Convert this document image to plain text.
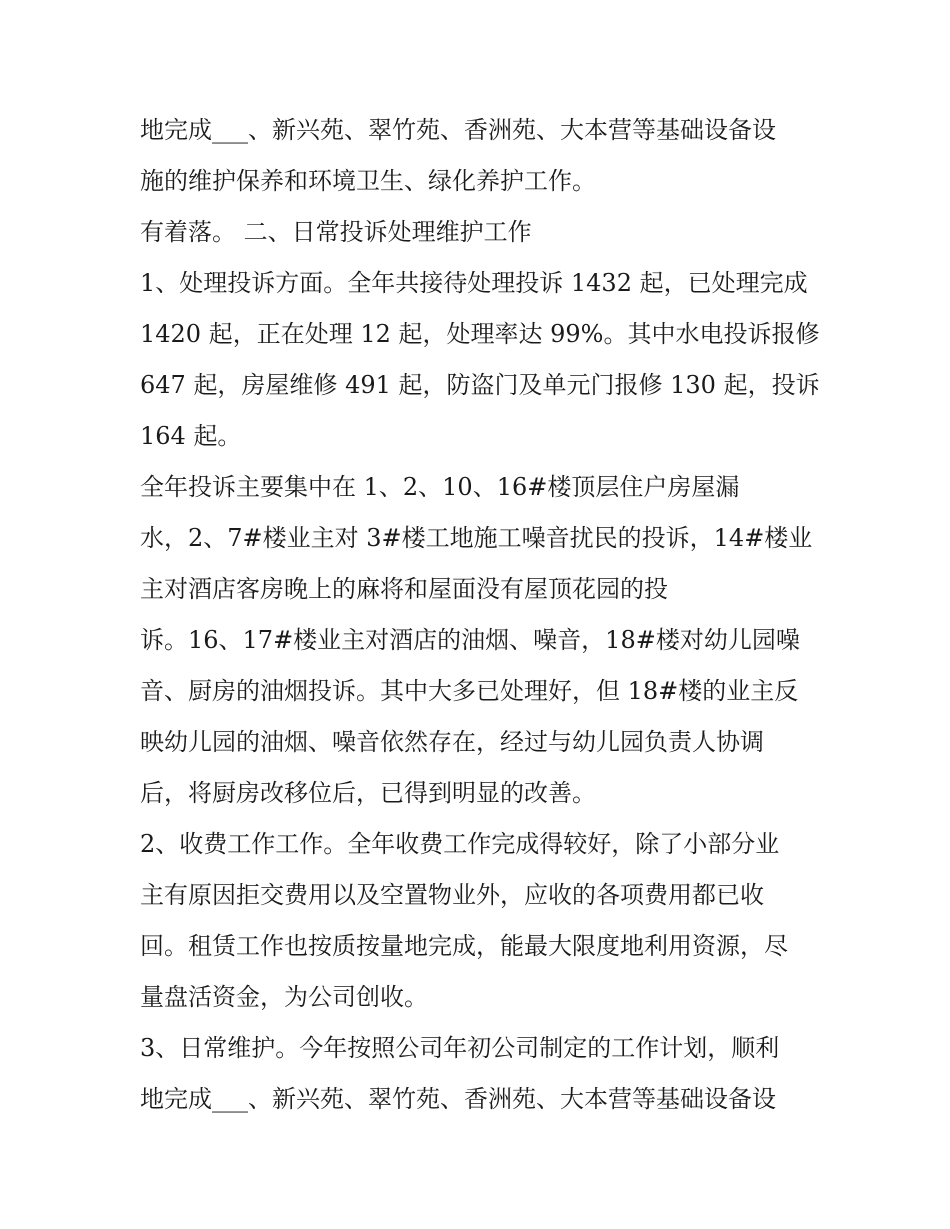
地完成___、新兴苑、翠竹苑、香洲苑、大本营等基础设备设
施的维护保养和环境卫生、绿化养护工作。
有着落。 二、日常投诉处理维护工作
1、处理投诉方面。全年共接待处理投诉 1432 起，已处理完成
1420 起，正在处理 12 起，处理率达 99%。其中水电投诉报修
647 起，房屋维修 491 起，防盗门及单元门报修 130 起，投诉
164 起。
全年投诉主要集中在 1、2、10、16#楼顶层住户房屋漏
水，2、7#楼业主对 3#楼工地施工噪音扰民的投诉，14#楼业
主对酒店客房晚上的麻将和屋面没有屋顶花园的投
诉。16、17#楼业主对酒店的油烟、噪音，18#楼对幼儿园噪
音、厨房的油烟投诉。其中大多已处理好，但 18#楼的业主反
映幼儿园的油烟、噪音依然存在，经过与幼儿园负责人协调
后，将厨房改移位后，已得到明显的改善。
2、收费工作工作。全年收费工作完成得较好，除了小部分业
主有原因拒交费用以及空置物业外，应收的各项费用都已收
回。租赁工作也按质按量地完成，能最大限度地利用资源，尽
量盘活资金，为公司创收。
3、日常维护。今年按照公司年初公司制定的工作计划，顺利
地完成___、新兴苑、翠竹苑、香洲苑、大本营等基础设备设
